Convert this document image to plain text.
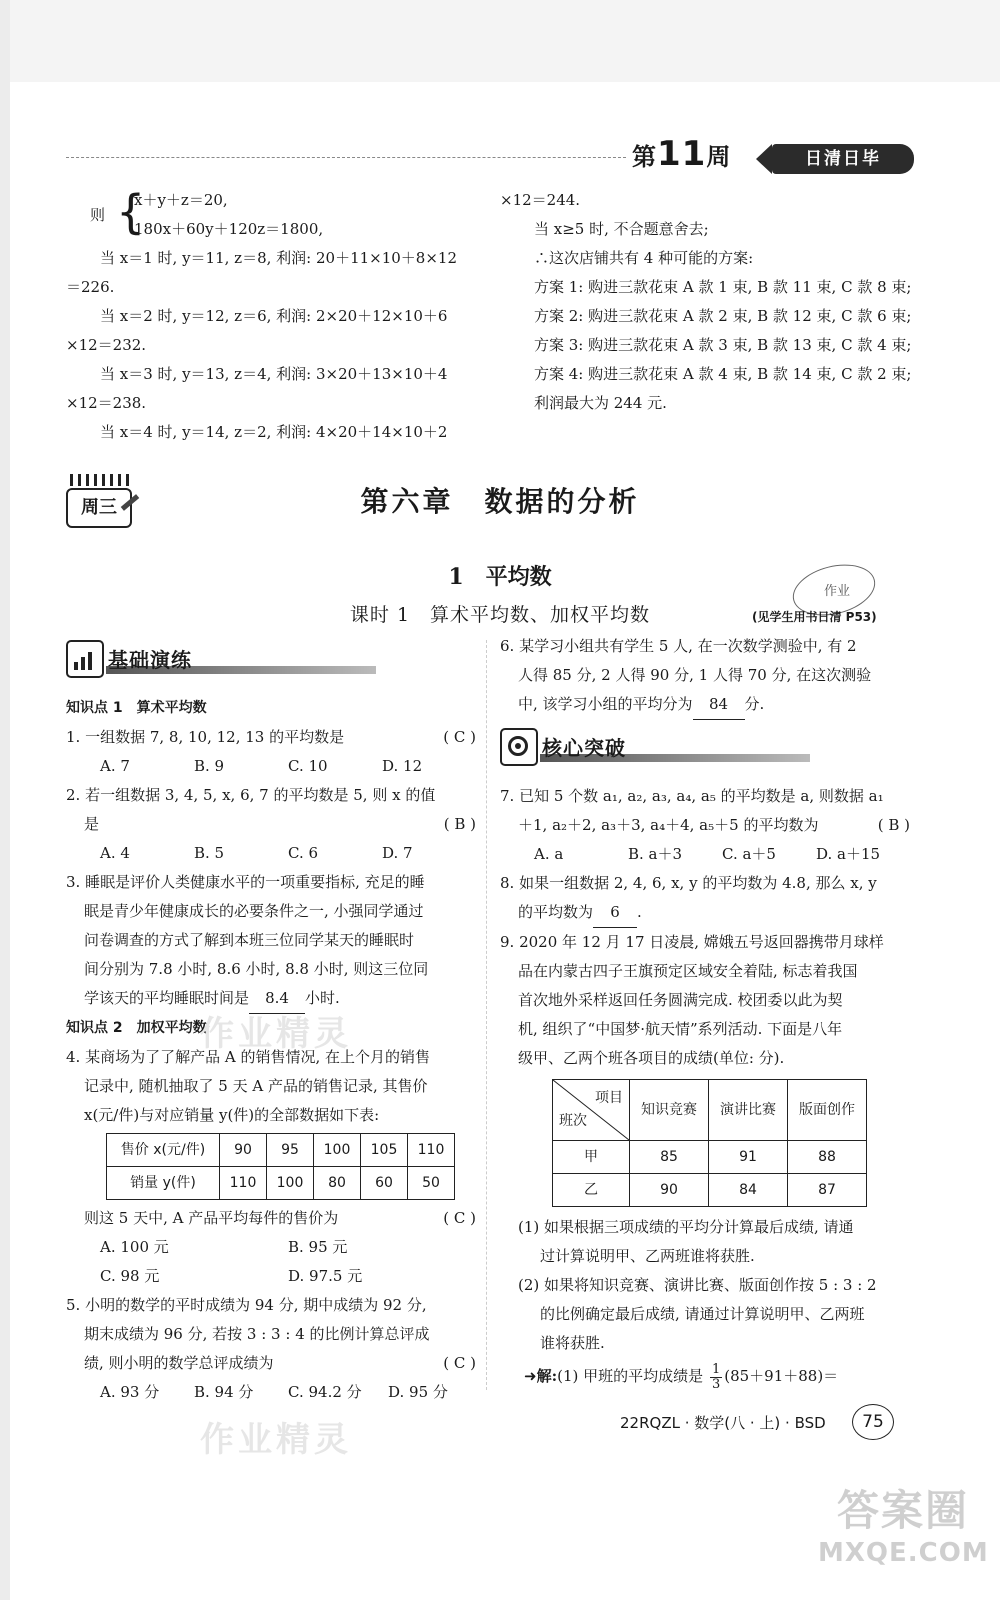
第11周	日清日毕
则 {

x＋y＋z＝20,

180x＋60y＋120z＝1800,

当 x＝1 时, y＝11, z＝8, 利润: 20＋11×10＋8×12

＝226.

当 x＝2 时, y＝12, z＝6, 利润: 2×20＋12×10＋6

×12＝232.

当 x＝3 时, y＝13, z＝4, 利润: 3×20＋13×10＋4

×12＝238.

当 x＝4 时, y＝14, z＝2, 利润: 4×20＋14×10＋2

×12＝244.

当 x≥5 时, 不合题意舍去;

∴这次店铺共有 4 种可能的方案:

方案 1: 购进三款花束 A 款 1 束, B 款 11 束, C 款 8 束;

方案 2: 购进三款花束 A 款 2 束, B 款 12 束, C 款 6 束;

方案 3: 购进三款花束 A 款 3 束, B 款 13 束, C 款 4 束;

方案 4: 购进三款花束 A 款 4 束, B 款 14 束, C 款 2 束;

利润最大为 244 元.

周三	第六章　数据的分析
1　平均数
课时 1　算术平均数、加权平均数
作业
(见学生用书日清 P53)
基础演练

知识点 1　算术平均数

1. 一组数据 7, 8, 10, 12, 13 的平均数是	( C )

A. 7	B. 9	C. 10	D. 12

2. 若一组数据 3, 4, 5, x, 6, 7 的平均数是 5, 则 x 的值

是	( B )

A. 4	B. 5	C. 6	D. 7

3. 睡眠是评价人类健康水平的一项重要指标, 充足的睡

眠是青少年健康成长的必要条件之一, 小强同学通过

问卷调查的方式了解到本班三位同学某天的睡眠时

间分别为 7.8 小时, 8.6 小时, 8.8 小时, 则这三位同

学该天的平均睡眠时间是 8.4 小时.

知识点 2　加权平均数

4. 某商场为了了解产品 A 的销售情况, 在上个月的销售

记录中, 随机抽取了 5 天 A 产品的销售记录, 其售价

x(元/件)与对应销量 y(件)的全部数据如下表:

售价 x(元/件)	90	95	100	105	110
销量 y(件)	110	100	80	60	50

则这 5 天中, A 产品平均每件的售价为	( C )

A. 100 元	B. 95 元

C. 98 元	D. 97.5 元

5. 小明的数学的平时成绩为 94 分, 期中成绩为 92 分,

期末成绩为 96 分, 若按 3 : 3 : 4 的比例计算总评成

绩, 则小明的数学总评成绩为	( C )

A. 93 分 B. 94 分 C. 94.2 分 D. 95 分

6. 某学习小组共有学生 5 人, 在一次数学测验中, 有 2

人得 85 分, 2 人得 90 分, 1 人得 70 分, 在这次测验

中, 该学习小组的平均分为 84 分.

核心突破

7. 已知 5 个数 a₁, a₂, a₃, a₄, a₅ 的平均数是 a, 则数据 a₁

＋1, a₂＋2, a₃＋3, a₄＋4, a₅＋5 的平均数为	( B )

A. a	B. a＋3	C. a＋5	D. a＋15

8. 如果一组数据 2, 4, 6, x, y 的平均数为 4.8, 那么 x, y

的平均数为 6 .

9. 2020 年 12 月 17 日凌晨, 嫦娥五号返回器携带月球样

品在内蒙古四子王旗预定区域安全着陆, 标志着我国

首次地外采样返回任务圆满完成. 校团委以此为契

机, 组织了“中国梦·航天情”系列活动. 下面是八年

级甲、乙两个班各项目的成绩(单位: 分).

项目
班次	知识竞赛	演讲比赛	版面创作
甲	85	91	88
乙	90	84	87

(1) 如果根据三项成绩的平均分计算最后成绩, 请通

过计算说明甲、乙两班谁将获胜.

(2) 如果将知识竞赛、演讲比赛、版面创作按 5 : 3 : 2

的比例确定最后成绩, 请通过计算说明甲、乙两班

谁将获胜.

➜解:(1) 甲班的平均成绩是 $\frac{1}{3} (85+91+88)=$

作业精灵
作业精灵	22RQZL · 数学(八 · 上) · BSD	75
答案圈
MXQE.COM
